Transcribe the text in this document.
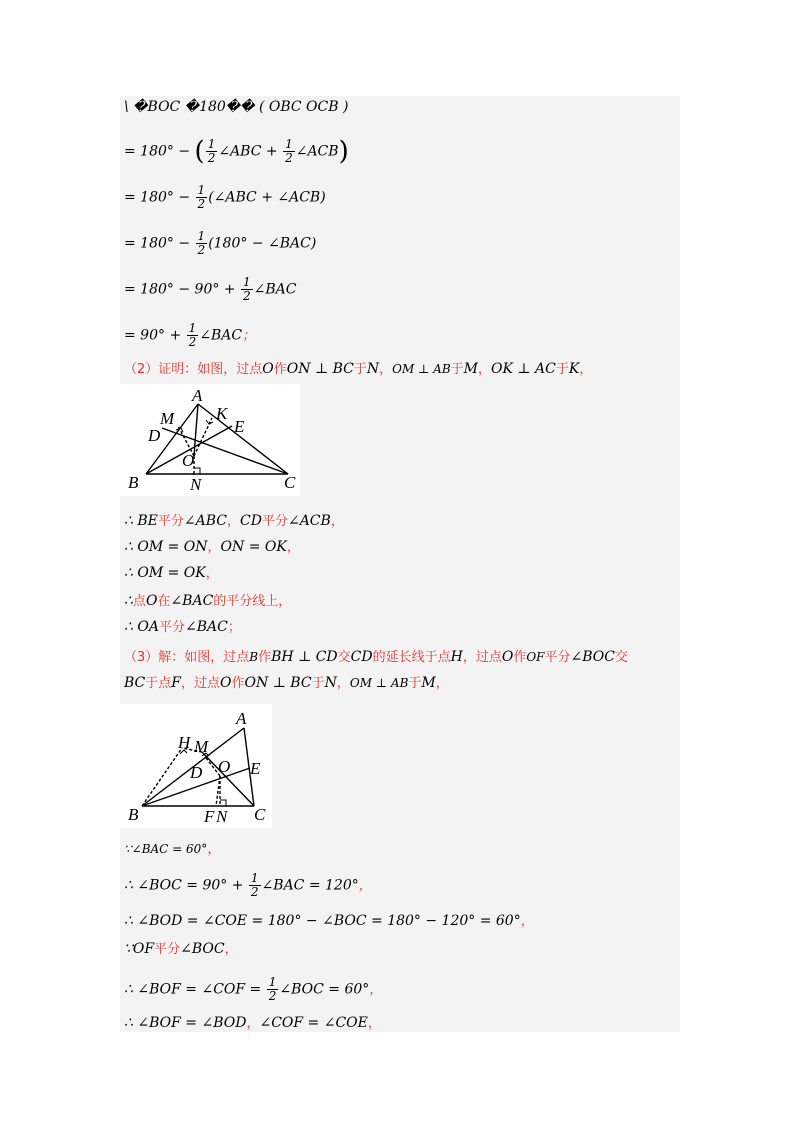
\ �BOC �180�� ( OBC OCB )
= 180° − ( $\frac{1}{2}$ ∠ABC + $\frac{1}{2}$ ∠ACB)
= $180^\circ - \frac{1}{2}$ (∠ABC + ∠ACB)
= $180^\circ - \frac{1}{2} (180^\circ$ − ∠BAC)
= $180^\circ - 90^\circ + \frac{1}{2}$ ∠BAC
= $90^\circ + \frac{1}{2}$ ∠BAC；
（2）证明：如图，过点O作ON ⊥ BC于N，OM ⊥ AB于M，OK ⊥ AC于K，
A
M K
E
D
O
B	N	C
∴ BE平分∠ABC，CD平分∠ACB，
∴ OM = ON，ON = OK，
∴ OM = OK，
∴点O在∠BAC的平分线上，
∴ OA平分∠BAC；
（3）解：如图，过点B作BH ⊥ CD交CD的延长线于点H，过点O作OF平分∠BOC交
BC于点F，过点O作ON ⊥ BC于N，OM ⊥ AB于M，
A
H M
D O E
B	F N C
∵∠BAC = 60°，
∴ ∠BOC = $90^\circ + \frac{1}{2}$ ∠BAC = 120°，
∴ ∠BOD = ∠COE = 180° − ∠BOC = 180° − 120° = 60°，
∵OF平分∠BOC，
∴ ∠BOF = ∠COF = $\frac{1}{2}$ ∠BOC = 60°，
∴ ∠BOF = ∠BOD，∠COF = ∠COE，
